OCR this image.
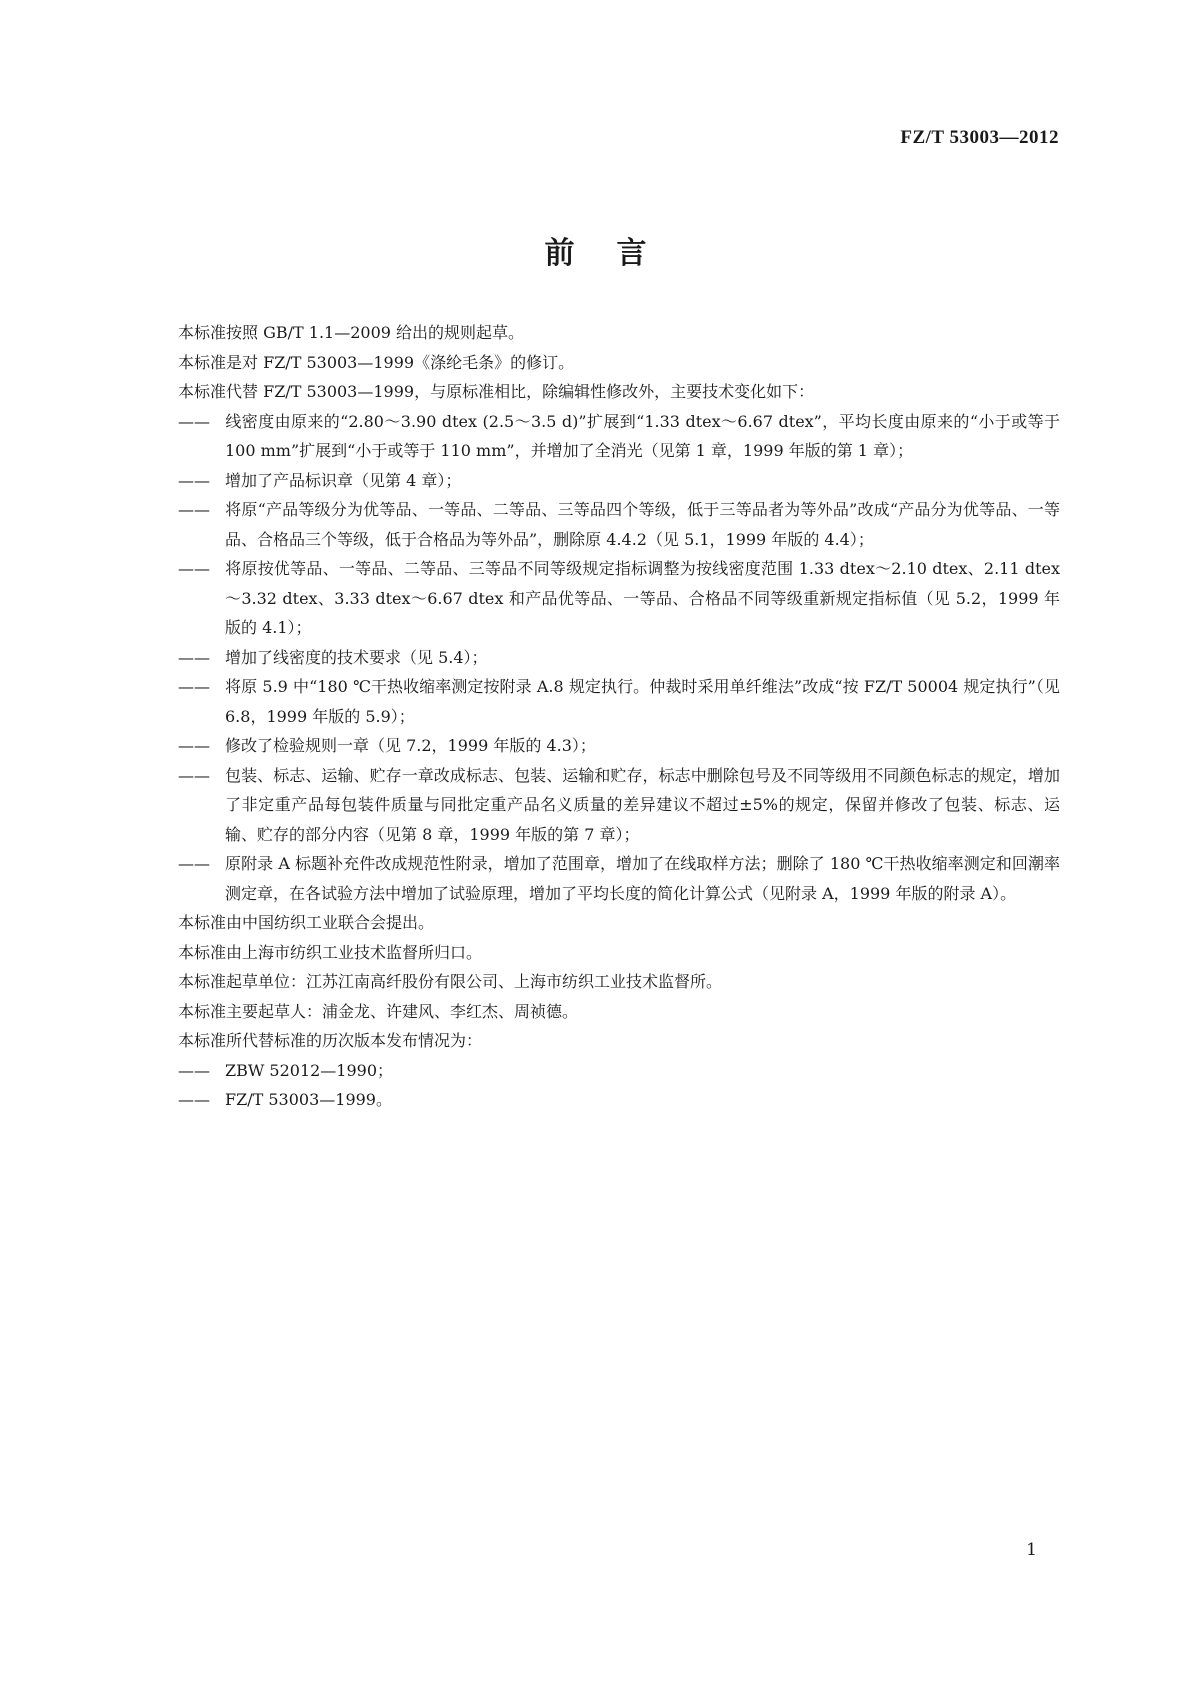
FZ/T 53003—2012
前言

本标准按照 GB/T 1.1—2009 给出的规则起草。

本标准是对 FZ/T 53003—1999《涤纶毛条》的修订。

本标准代替 FZ/T 53003—1999，与原标准相比，除编辑性修改外，主要技术变化如下：

—— 线密度由原来的“2.80～3.90 dtex (2.5～3.5 d)”扩展到“1.33 dtex～6.67 dtex”，平均长度由原来的“小于或等于 100 mm”扩展到“小于或等于 110 mm”，并增加了全消光（见第 1 章，1999 年版的第 1 章）；
—— 增加了产品标识章（见第 4 章）；
—— 将原“产品等级分为优等品、一等品、二等品、三等品四个等级，低于三等品者为等外品”改成“产品分为优等品、一等品、合格品三个等级，低于合格品为等外品”，删除原 4.4.2（见 5.1，1999 年版的 4.4）；
—— 将原按优等品、一等品、二等品、三等品不同等级规定指标调整为按线密度范围 1.33 dtex～2.10 dtex、2.11 dtex～3.32 dtex、3.33 dtex～6.67 dtex 和产品优等品、一等品、合格品不同等级重新规定指标值（见 5.2，1999 年版的 4.1）；
—— 增加了线密度的技术要求（见 5.4）；
—— 将原 5.9 中“180 ℃干热收缩率测定按附录 A.8 规定执行。仲裁时采用单纤维法”改成“按 FZ/T 50004 规定执行”（见 6.8，1999 年版的 5.9）；
—— 修改了检验规则一章（见 7.2，1999 年版的 4.3）；
—— 包装、标志、运输、贮存一章改成标志、包装、运输和贮存，标志中删除包号及不同等级用不同颜色标志的规定，增加了非定重产品每包装件质量与同批定重产品名义质量的差异建议不超过±5%的规定，保留并修改了包装、标志、运输、贮存的部分内容（见第 8 章，1999 年版的第 7 章）；
—— 原附录 A 标题补充件改成规范性附录，增加了范围章，增加了在线取样方法；删除了 180 ℃干热收缩率测定和回潮率测定章，在各试验方法中增加了试验原理，增加了平均长度的简化计算公式（见附录 A，1999 年版的附录 A）。

本标准由中国纺织工业联合会提出。

本标准由上海市纺织工业技术监督所归口。

本标准起草单位：江苏江南高纤股份有限公司、上海市纺织工业技术监督所。

本标准主要起草人：浦金龙、许建风、李红杰、周祯德。

本标准所代替标准的历次版本发布情况为：

—— ZBW 52012—1990；
—— FZ/T 53003—1999。
1
